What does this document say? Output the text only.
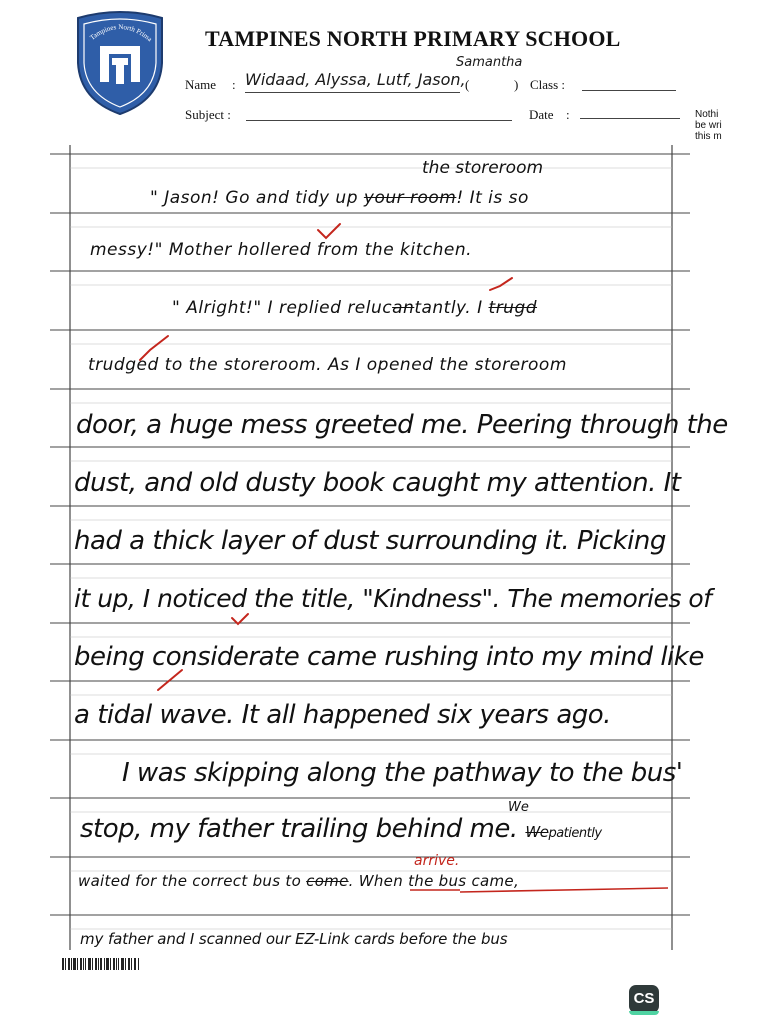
Tampines North Prima TAMPINES NORTH PRIMARY SCHOOL
Name : Widaad, Alyssa, Lutf, Jason,
Samantha
(	) Class :
Subject :	Date :	Nothi
be wri
this m
" Jason! Go and tidy up your room! It is so
the storeroom
messy!" Mother hollered from the kitchen.
" Alright!" I replied relucantantly. I trugd
trudged to the storeroom. As I opened the storeroom
door, a huge mess greeted me. Peering through the
dust, and old dusty book caught my attention. It
had a thick layer of dust surrounding it. Picking
it up, I noticed the title, "Kindness". The memories of
being considerate came rushing into my mind like
a tidal wave. It all happened six years ago.
I was skipping along the pathway to the bus'
stop, my father trailing behind me. Wepatiently
We
waited for the correct bus to come. When the bus came,
arrive.
my father and I scanned our EZ-Link cards before the bus
CS
